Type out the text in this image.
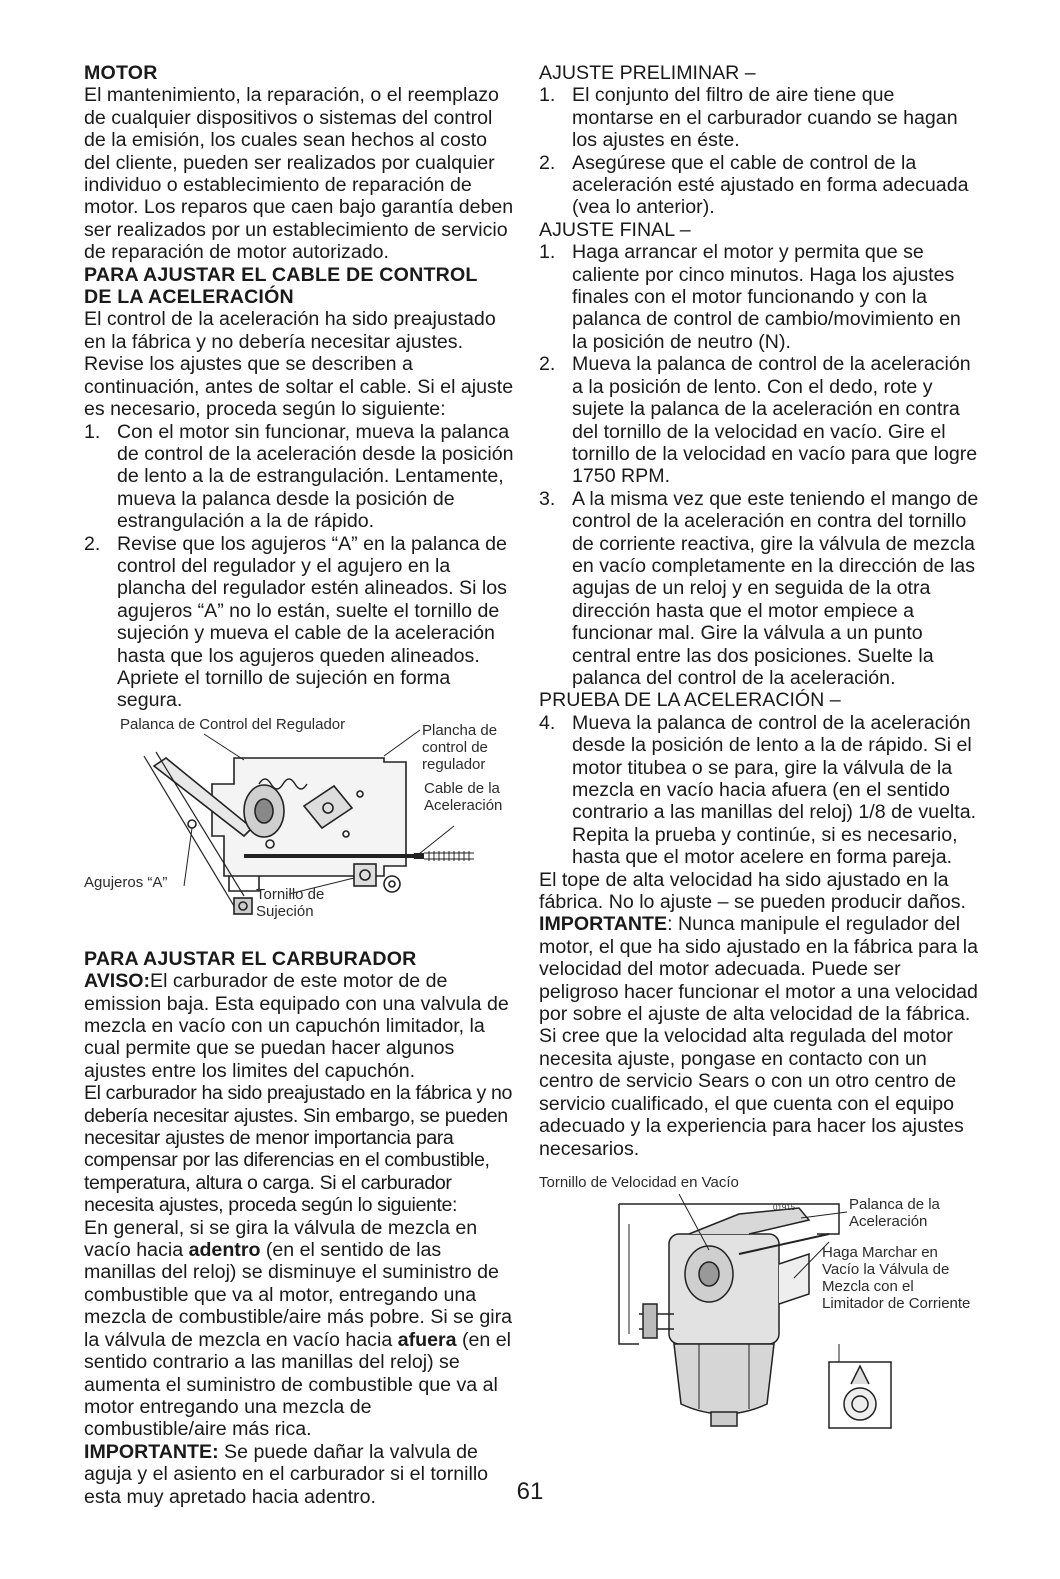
MOTOR

El mantenimiento, la reparación, o el reemplazo de cualquier dispositivos o sistemas del control de la emisión, los cuales sean hechos al costo del cliente, pueden ser realizados por cualquier individuo o establecimiento de reparación de motor. Los reparos que caen bajo garantía deben ser realizados por un establecimiento de servicio de reparación de motor autorizado.

PARA AJUSTAR EL CABLE DE CONTROL
DE LA ACELERACIÓN

El control de la aceleración ha sido preajustado en la fábrica y no debería necesitar ajustes. Revise los ajustes que se describen a continuación, antes de soltar el cable. Si el ajuste es necesario, proceda según lo siguiente:

1. Con el motor sin funcionar, mueva la palanca de control de la aceleración desde la posición de lento a la de estrangulación. Lentamente, mueva la palanca desde la posición de estrangulación a la de rápido.
2. Revise que los agujeros “A” en la palanca de control del regulador y el agujero en la plancha del regulador estén alineados. Si los agujeros “A” no lo están, suelte el tornillo de sujeción y mueva el cable de la aceleración hasta que los agujeros queden alineados. Apriete el tornillo de sujeción en forma segura.
Palanca de Control del Regulador	Plancha de control de regulador
Cable de la Aceleración
Agujeros “A”
Tornillo de Sujeción
PARA AJUSTAR EL CARBURADOR

AVISO:El carburador de este motor de de emission baja. Esta equipado con una valvula de mezcla en vacío con un capuchón limitador, la cual permite que se puedan hacer algunos ajustes entre los limites del capuchón.

El carburador ha sido preajustado en la fábrica y no debería necesitar ajustes. Sin embargo, se pueden necesitar ajustes de menor importancia para compensar por las diferencias en el combustible, temperatura, altura o carga. Si el carburador necesita ajustes, proceda según lo siguiente:

En general, si se gira la válvula de mezcla en vacío hacia adentro (en el sentido de las manillas del reloj) se disminuye el suministro de combustible que va al motor, entregando una mezcla de combustible/aire más pobre. Si se gira la válvula de mezcla en vacío hacia afuera (en el sentido contrario a las manillas del reloj) se aumenta el suministro de combustible que va al motor entregando una mezcla de combustible/aire más rica.

IMPORTANTE: Se puede dañar la valvula de aguja y el asiento en el carburador si el tornillo esta muy apretado hacia adentro.

AJUSTE PRELIMINAR –

1. El conjunto del filtro de aire tiene que montarse en el carburador cuando se hagan los ajustes en éste.
2. Asegúrese que el cable de control de la aceleración esté ajustado en forma adecuada (vea lo anterior).

AJUSTE FINAL –

1. Haga arrancar el motor y permita que se caliente por cinco minutos. Haga los ajustes finales con el motor funcionando y con la palanca de control de cambio/movimiento en la posición de neutro (N).
2. Mueva la palanca de control de la aceleración a la posición de lento. Con el dedo, rote y sujete la palanca de la aceleración en contra del tornillo de la velocidad en vacío. Gire el tornillo de la velocidad en vacío para que logre 1750 RPM.
3. A la misma vez que este teniendo el mango de control de la aceleración en contra del tornillo de corriente reactiva, gire la válvula de mezcla en vacío completamente en la dirección de las agujas de un reloj y en seguida de la otra dirección hasta que el motor empiece a funcionar mal. Gire la válvula a un punto central entre las dos posiciones. Suelte la palanca del control de la aceleración.

PRUEBA DE LA ACELERACIÓN –

4. Mueva la palanca de control de la aceleración desde la posición de lento a la de rápido. Si el motor titubea o se para, gire la válvula de la mezcla en vacío hacia afuera (en el sentido contrario a las manillas del reloj) 1/8 de vuelta. Repita la prueba y continúe, si es necesario, hasta que el motor acelere en forma pareja.

El tope de alta velocidad ha sido ajustado en la fábrica. No lo ajuste – se pueden producir daños.

IMPORTANTE: Nunca manipule el regulador del motor, el que ha sido ajustado en la fábrica para la velocidad del motor adecuada. Puede ser peligroso hacer funcionar el motor a una velocidad por sobre el ajuste de alta velocidad de la fábrica. Si cree que la velocidad alta regulada del motor necesita ajuste, pongase en contacto con un centro de servicio Sears o con un otro centro de servicio cualificado, el que cuenta con el equipo adecuado y la experiencia para hacer los ajustes necesarios.

Tornillo de Velocidad en Vacío
01915	Palanca de la Aceleración
Haga Marchar en Vacío la Válvula de Mezcla con el Limitador de Corriente
61
